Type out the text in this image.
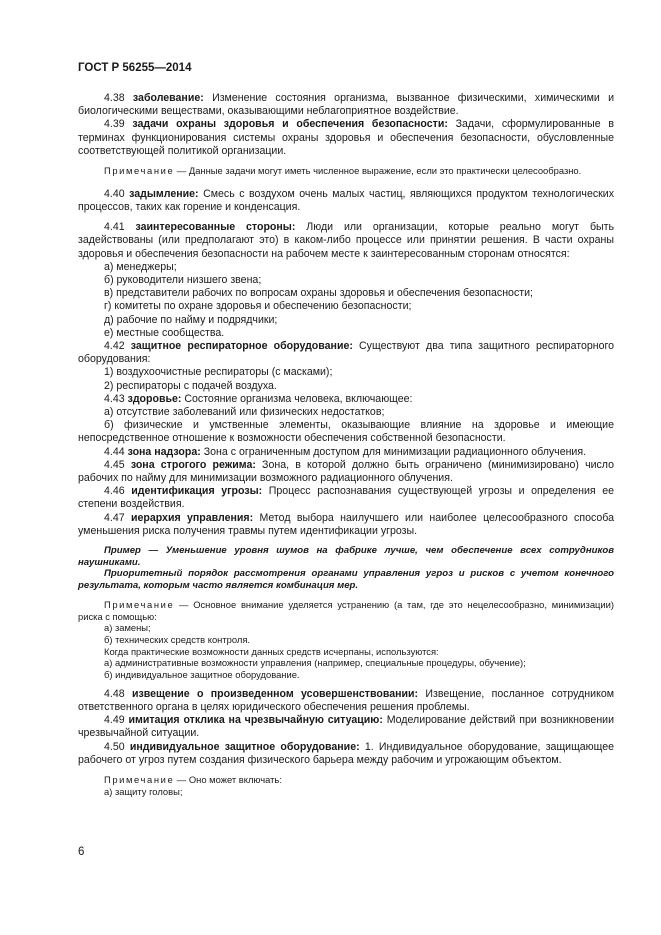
ГОСТ Р 56255—2014

4.38 заболевание: Изменение состояния организма, вызванное физическими, химическими и биологическими веществами, оказывающими неблагоприятное воздействие.

4.39 задачи охраны здоровья и обеспечения безопасности: Задачи, сформулированные в терминах функционирования системы охраны здоровья и обеспечения безопасности, обусловленные соответствующей политикой организации.

Примечание — Данные задачи могут иметь численное выражение, если это практически целесообразно.

4.40 задымление: Смесь с воздухом очень малых частиц, являющихся продуктом технологических процессов, таких как горение и конденсация.

4.41 заинтересованные стороны: Люди или организации, которые реально могут быть задействованы (или предполагают это) в каком-либо процессе или принятии решения. В части охраны здоровья и обеспечения безопасности на рабочем месте к заинтересованным сторонам относятся:

а) менеджеры;

б) руководители низшего звена;

в) представители рабочих по вопросам охраны здоровья и обеспечения безопасности;

г) комитеты по охране здоровья и обеспечению безопасности;

д) рабочие по найму и подрядчики;

е) местные сообщества.

4.42 защитное респираторное оборудование: Существуют два типа защитного респираторного оборудования:

1) воздухоочистные респираторы (с масками);

2) респираторы с подачей воздуха.

4.43 здоровье: Состояние организма человека, включающее:

а) отсутствие заболеваний или физических недостатков;

б) физические и умственные элементы, оказывающие влияние на здоровье и имеющие непосредственное отношение к возможности обеспечения собственной безопасности.

4.44 зона надзора: Зона с ограниченным доступом для минимизации радиационного облучения.

4.45 зона строгого режима: Зона, в которой должно быть ограничено (минимизировано) число рабочих по найму для минимизации возможного радиационного облучения.

4.46 идентификация угрозы: Процесс распознавания существующей угрозы и определения ее степени воздействия.

4.47 иерархия управления: Метод выбора наилучшего или наиболее целесообразного способа уменьшения риска получения травмы путем идентификации угрозы.

Пример — Уменьшение уровня шумов на фабрике лучше, чем обеспечение всех сотрудников наушниками.

Приоритетный порядок рассмотрения органами управления угроз и рисков с учетом конечного результата, которым часто является комбинация мер.

Примечание — Основное внимание уделяется устранению (а там, где это нецелесообразно, минимизации) риска с помощью:

а) замены;

б) технических средств контроля.

Когда практические возможности данных средств исчерпаны, используются:

а) административные возможности управления (например, специальные процедуры, обучение);

б) индивидуальное защитное оборудование.

4.48 извещение о произведенном усовершенствовании: Извещение, посланное сотрудником ответственного органа в целях юридического обеспечения решения проблемы.

4.49 имитация отклика на чрезвычайную ситуацию: Моделирование действий при возникновении чрезвычайной ситуации.

4.50 индивидуальное защитное оборудование: 1. Индивидуальное оборудование, защищающее рабочего от угроз путем создания физического барьера между рабочим и угрожающим объектом.

Примечание — Оно может включать:

а) защиту головы;

6
